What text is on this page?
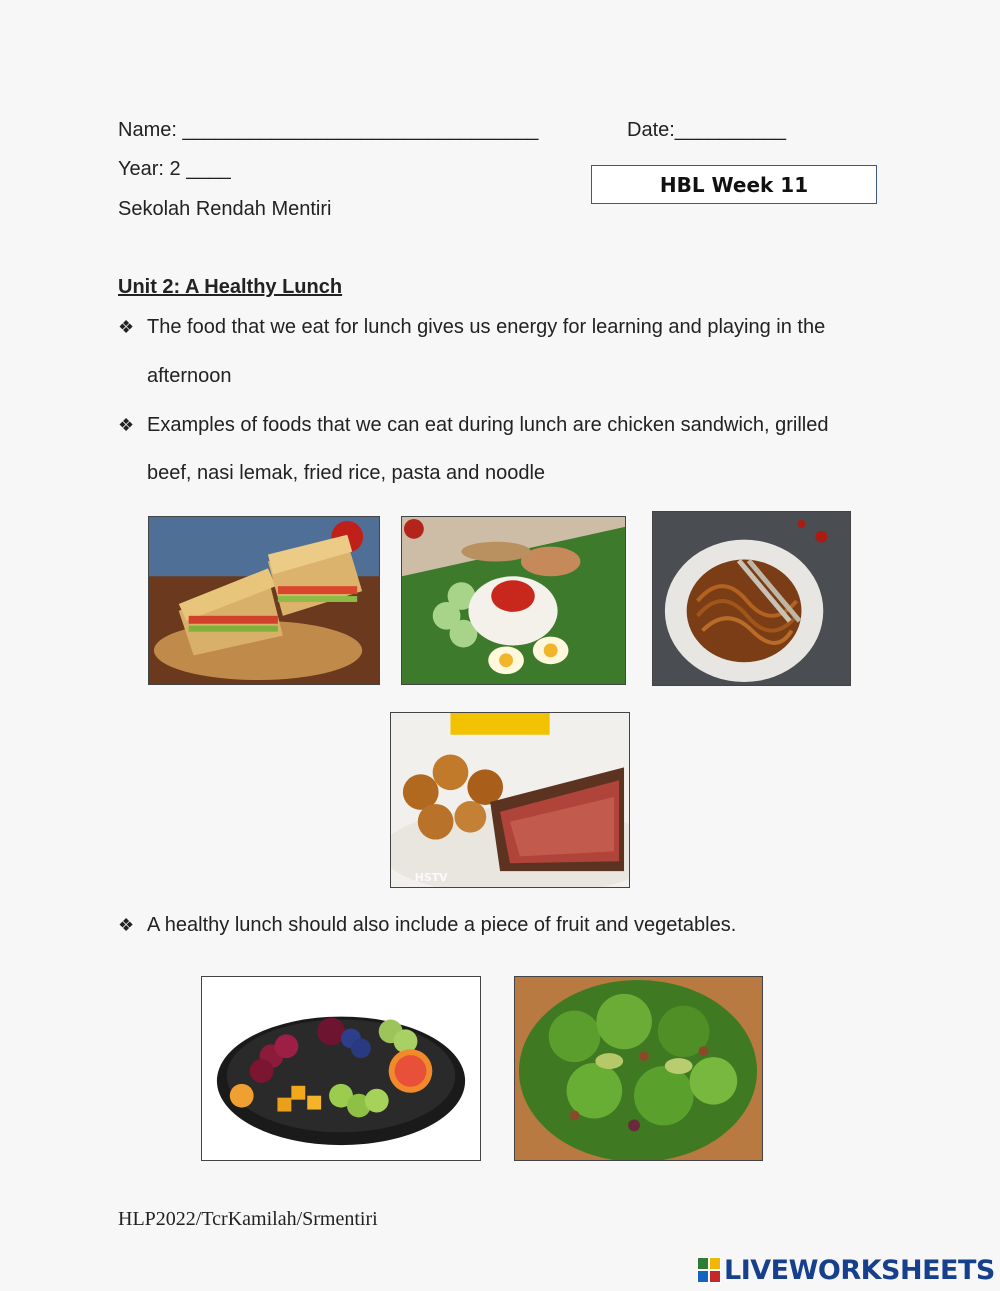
Name: ________________________________	Date:__________
Year: 2 ____
Sekolah Rendah Mentiri
HBL Week 11
Unit 2: A Healthy Lunch
❖ The food that we eat for lunch gives us energy for learning and playing in the
afternoon
❖ Examples of foods that we can eat during lunch are chicken sandwich, grilled
beef, nasi lemak, fried rice, pasta and noodle
HSTV
❖ A healthy lunch should also include a piece of fruit and vegetables.
HLP2022/TcrKamilah/Srmentiri
LIVEWORKSHEETS
